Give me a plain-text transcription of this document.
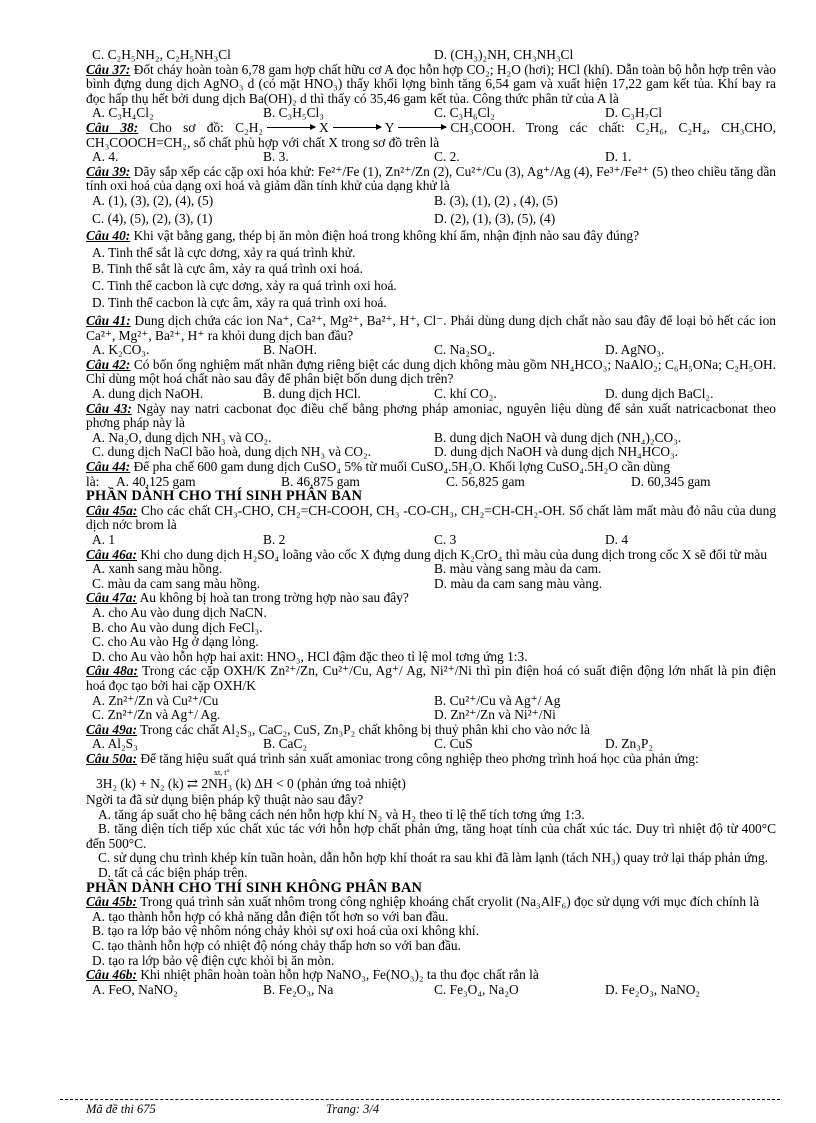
C. C₂H₅NH₂, C₂H₅NH₃Cl	D. (CH₃)₂NH, CH₃NH₃Cl

Câu 37: Đốt cháy hoàn toàn 6,78 gam hợp chất hữu cơ A đọc hỗn hợp CO₂; H₂O (hơi); HCl (khí). Dẫn toàn bộ hỗn hợp trên vào bình đựng dung dịch AgNO₃ d (có mặt HNO₃) thấy khối lợng bình tăng 6,54 gam và xuất hiện 17,22 gam kết tủa. Khí bay ra đọc hấp thụ hết bởi dung dịch Ba(OH)₂ d thì thấy có 35,46 gam kết tủa. Công thức phân tử của A là

A. C₃H₄Cl₂	B. C₃H₅Cl₃	C. C₃H₆Cl₂	D. C₃H₇Cl

Câu 38: Cho sơ đồ: C₂H₂	X	Y	CH₃COOH. Trong các chất: C₂H₆, C₂H₄, CH₃CHO, CH₃COOCH=CH₂, số chất phù hợp với chất X trong sơ đồ trên là

A. 4.	B. 3.	C. 2.	D. 1.

Câu 39: Dãy sắp xếp các cặp oxi hóa khử: Fe²⁺/Fe (1), Zn²⁺/Zn (2), Cu²⁺/Cu (3), Ag⁺/Ag (4), Fe³⁺/Fe²⁺ (5) theo chiều tăng dần tính oxi hoá của dạng oxi hoá và giảm dần tính khử của dạng khử là

A. (1), (3), (2), (4), (5)	B. (3), (1), (2) , (4), (5)
C. (4), (5), (2), (3), (1)	D. (2), (1), (3), (5), (4)

Câu 40: Khi vật bằng gang, thép bị ăn mòn điện hoá trong không khí ẩm, nhận định nào sau đây đúng?

A. Tinh thể sắt là cực dơng, xảy ra quá trình khử.
B. Tinh thể sắt là cực âm, xảy ra quá trình oxi hoá.
C. Tinh thể cacbon là cực dơng, xảy ra quá trình oxi hoá.
D. Tinh thể cacbon là cực âm, xảy ra quá trình oxi hoá.

Câu 41: Dung dịch chứa các ion Na⁺, Ca²⁺, Mg²⁺, Ba²⁺, H⁺, Cl⁻. Phải dùng dung dịch chất nào sau đây để loại bỏ hết các ion Ca²⁺, Mg²⁺, Ba²⁺, H⁺ ra khỏi dung dịch ban đầu?

A. K₂CO₃.	B. NaOH.	C. Na₂SO₄.	D. AgNO₃.

Câu 42: Có bốn ống nghiệm mất nhãn đựng riêng biệt các dung dịch không màu gồm NH₄HCO₃; NaAlO₂; C₆H₅ONa; C₂H₅OH. Chỉ dùng một hoá chất nào sau đây để phân biệt bốn dung dịch trên?

A. dung dịch NaOH.	B. dung dịch HCl.	C. khí CO₂.	D. dung dịch BaCl₂.

Câu 43: Ngày nay natri cacbonat đọc điều chế bằng phơng pháp amoniac, nguyên liệu dùng để sản xuất natricacbonat theo phơng pháp này là

A. Na₂O, dung dịch NH₃ và CO₂.	B. dung dịch NaOH và dung dịch (NH₄)₂CO₃.
C. dung dịch NaCl bão hoà, dung dịch NH₃ và CO₂.	D. dung dịch NaOH và dung dịch NH₄HCO₃.

Câu 44: Để pha chế 600 gam dung dịch CuSO₄ 5% từ muối CuSO₄.5H₂O. Khối lợng CuSO₄.5H₂O cần dùng

là:	A. 40,125 gam	B. 46,875 gam	C. 56,825 gam	D. 60,345 gam

PHẦN DÀNH CHO THÍ SINH PHÂN BAN

Câu 45a: Cho các chất CH₃-CHO, CH₂=CH-COOH, CH₃ -CO-CH₃, CH₂=CH-CH₂-OH. Số chất làm mất màu đỏ nâu của dung dịch nớc brom là

A. 1	B. 2	C. 3	D. 4

Câu 46a: Khi cho dung dịch H₂SO₄ loãng vào cốc X đựng dung dịch K₂CrO₄ thì màu của dung dịch trong cốc X sẽ đổi từ màu

A. xanh sang màu hồng.	B. màu vàng sang màu da cam.
C. màu da cam sang màu hồng.	D. màu da cam sang màu vàng.

Câu 47a: Au không bị hoà tan trong trờng hợp nào sau đây?

A. cho Au vào dung dịch NaCN.
B. cho Au vào dung dịch FeCl₃.
C. cho Au vào Hg ở dạng lỏng.
D. cho Au vào hỗn hợp hai axit: HNO₃, HCl đậm đặc theo tỉ lệ mol tơng ứng 1:3.

Câu 48a: Trong các cặp OXH/K Zn²⁺/Zn, Cu²⁺/Cu, Ag⁺/ Ag, Ni²⁺/Ni thì pin điện hoá có suất điện động lớn nhất là pin điện hoá đọc tạo bởi hai cặp OXH/K

A. Zn²⁺/Zn và Cu²⁺/Cu	B. Cu²⁺/Cu và Ag⁺/ Ag
C. Zn²⁺/Zn và Ag⁺/ Ag.	D. Zn²⁺/Zn và Ni²⁺/Ni

Câu 49a: Trong các chất Al₂S₃, CaC₂, CuS, Zn₃P₂ chất không bị thuỷ phân khi cho vào nớc là

A. Al₂S₃	B. CaC₂	C. CuS	D. Zn₃P₂

Câu 50a: Để tăng hiệu suất quá trình sản xuất amoniac trong công nghiệp theo phơng trình hoá học của phản ứng:

xt, t°
3H₂ (k) + N₂ (k) ⇄ 2NH₃ (k) ΔH < 0 (phản ứng toả nhiệt)

Ngời ta đã sử dụng biện pháp kỹ thuật nào sau đây?

A. tăng áp suất cho hệ bằng cách nén hỗn hợp khí N₂ và H₂ theo tỉ lệ thể tích tơng ứng 1:3.

B. tăng diện tích tiếp xúc chất xúc tác với hỗn hợp chất phản ứng, tăng hoạt tính của chất xúc tác. Duy trì nhiệt độ từ 400°C đến 500°C.

C. sử dụng chu trình khép kín tuần hoàn, dẫn hỗn hợp khí thoát ra sau khi đã làm lạnh (tách NH₃) quay trở lại tháp phản ứng.

D. tất cả các biện pháp trên.

PHẦN DÀNH CHO THÍ SINH KHÔNG PHÂN BAN

Câu 45b: Trong quá trình sản xuất nhôm trong công nghiệp khoáng chất cryolit (Na₃AlF₆) đọc sử dụng với mục đích chính là

A. tạo thành hỗn hợp có khả năng dẫn điện tốt hơn so với ban đầu.
B. tạo ra lớp bảo vệ nhôm nóng chảy khỏi sự oxi hoá của oxi không khí.
C. tạo thành hỗn hợp có nhiệt độ nóng chảy thấp hơn so với ban đầu.
D. tạo ra lớp bảo vệ điện cực khỏi bị ăn mòn.

Câu 46b: Khi nhiệt phân hoàn toàn hỗn hợp NaNO₃, Fe(NO₃)₂ ta thu đọc chất rắn là

A. FeO, NaNO₂	B. Fe₂O₃, Na	C. Fe₃O₄, Na₂O	D. Fe₂O₃, NaNO₂
Mã đề thi 675	Trang: 3/4
